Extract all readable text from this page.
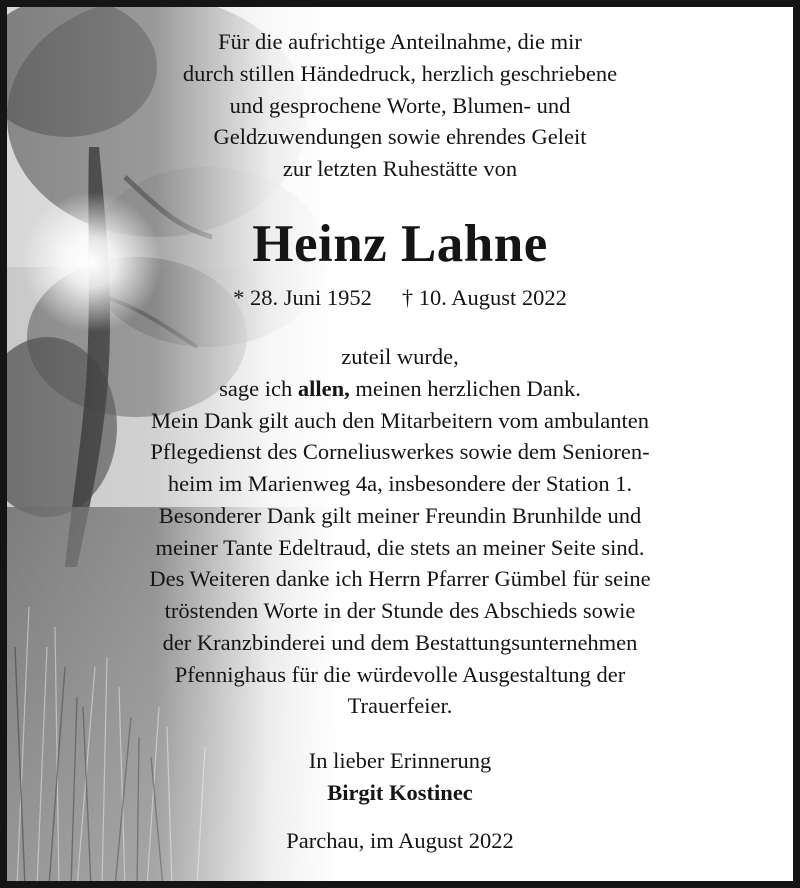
Für die aufrichtige Anteilnahme, die mir
durch stillen Händedruck, herzlich geschriebene
und gesprochene Worte, Blumen- und
Geldzuwendungen sowie ehrendes Geleit
zur letzten Ruhestätte von
Heinz Lahne
* 28. Juni 1952 † 10. August 2022
zuteil wurde,
sage ich allen, meinen herzlichen Dank.
Mein Dank gilt auch den Mitarbeitern vom ambulanten
Pflegedienst des Corneliuswerkes sowie dem Senioren-
heim im Marienweg 4a, insbesondere der Station 1.
Besonderer Dank gilt meiner Freundin Brunhilde und
meiner Tante Edeltraud, die stets an meiner Seite sind.
Des Weiteren danke ich Herrn Pfarrer Gümbel für seine
tröstenden Worte in der Stunde des Abschieds sowie
der Kranzbinderei und dem Bestattungsunternehmen
Pfennighaus für die würdevolle Ausgestaltung der
Trauerfeier.
In lieber Erinnerung
Birgit Kostinec
Parchau, im August 2022
